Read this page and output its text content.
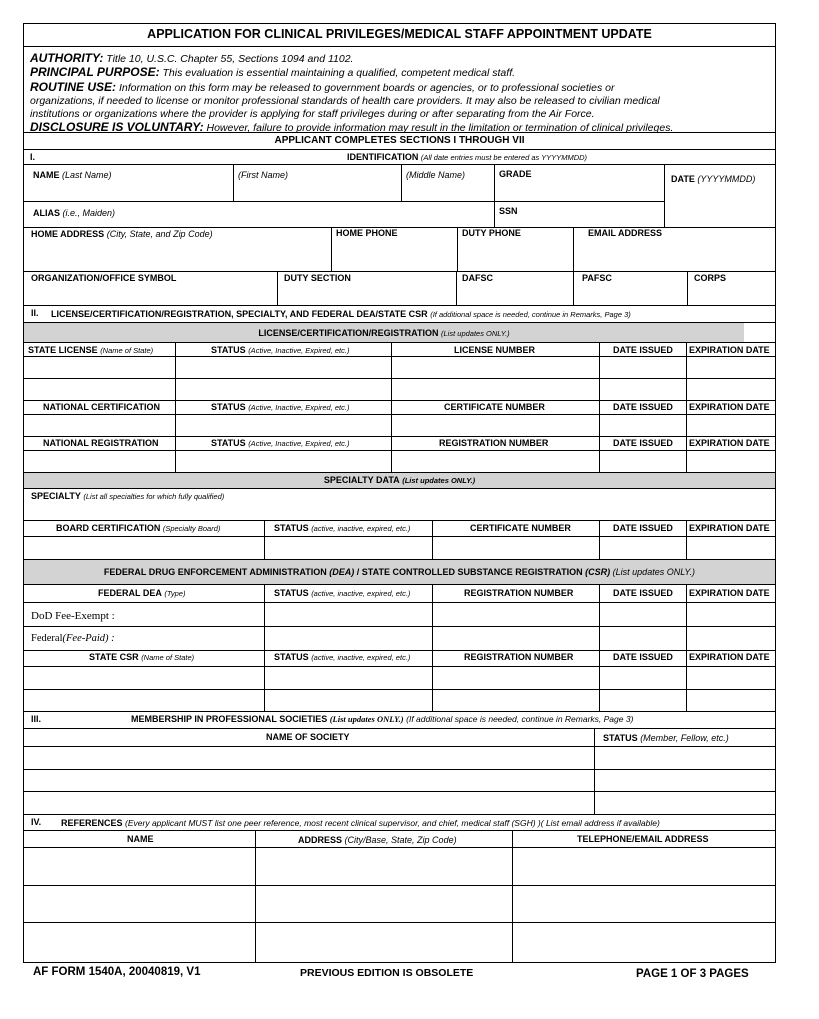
APPLICATION FOR CLINICAL PRIVILEGES/MEDICAL STAFF APPOINTMENT UPDATE
AUTHORITY: Title 10, U.S.C. Chapter 55, Sections 1094 and 1102.
PRINCIPAL PURPOSE: This evaluation is essential maintaining a qualified, competent medical staff.
ROUTINE USE: Information on this form may be released to government boards or agencies, or to professional societies or
organizations, if needed to license or monitor professional standards of health care providers. It may also be released to civilian medical
institutions or organizations where the provider is applying for staff privileges during or after separating from the Air Force.
DISCLOSURE IS VOLUNTARY: However, failure to provide information may result in the limitation or termination of clinical privileges.
APPLICANT COMPLETES SECTIONS I THROUGH VII
I.	IDENTIFICATION (All date entries must be entered as YYYYMMDD)
NAME (Last Name)	(First Name)	(Middle Name)	GRADE	DATE (YYYYMMDD)
ALIAS (i.e., Maiden)	SSN
HOME ADDRESS (City, State, and Zip Code)	HOME PHONE	DUTY PHONE	EMAIL ADDRESS
ORGANIZATION/OFFICE SYMBOL	DUTY SECTION	DAFSC	PAFSC	CORPS
II. LICENSE/CERTIFICATION/REGISTRATION, SPECIALTY, AND FEDERAL DEA/STATE CSR (If additional space is needed, continue in Remarks, Page 3)
LICENSE/CERTIFICATION/REGISTRATION (List updates ONLY.)
STATE LICENSE (Name of State)	STATUS (Active, Inactive, Expired, etc.)	LICENSE NUMBER	DATE ISSUED EXPIRATION DATE
NATIONAL CERTIFICATION	STATUS (Active, Inactive, Expired, etc.)	CERTIFICATE NUMBER	DATE ISSUED EXPIRATION DATE
NATIONAL REGISTRATION	STATUS (Active, Inactive, Expired, etc.)	REGISTRATION NUMBER	DATE ISSUED EXPIRATION DATE
SPECIALTY DATA (List updates ONLY.)
SPECIALTY (List all specialties for which fully qualified)
BOARD CERTIFICATION (Specialty Board)	STATUS (active, inactive, expired, etc.)	CERTIFICATE NUMBER	DATE ISSUED EXPIRATION DATE
FEDERAL DRUG ENFORCEMENT ADMINISTRATION (DEA) / STATE CONTROLLED SUBSTANCE REGISTRATION (CSR) (List updates ONLY.)
FEDERAL DEA (Type)	STATUS (active, inactive, expired, etc.)	REGISTRATION NUMBER	DATE ISSUED EXPIRATION DATE
DoD Fee-Exempt :
Federal(Fee-Paid) :
STATE CSR (Name of State)	STATUS (active, inactive, expired, etc.)	REGISTRATION NUMBER	DATE ISSUED EXPIRATION DATE
III.	MEMBERSHIP IN PROFESSIONAL SOCIETIES (List updates ONLY.) (If additional space is needed, continue in Remarks, Page 3)
NAME OF SOCIETY	STATUS (Member, Fellow, etc.)
IV. REFERENCES (Every applicant MUST list one peer reference, most recent clinical supervisor, and chief, medical staff (SGH) )( List email address if available)
NAME	ADDRESS (City/Base, State, Zip Code)	TELEPHONE/EMAIL ADDRESS
AF FORM 1540A, 20040819, V1	PREVIOUS EDITION IS OBSOLETE	PAGE 1 OF 3 PAGES
